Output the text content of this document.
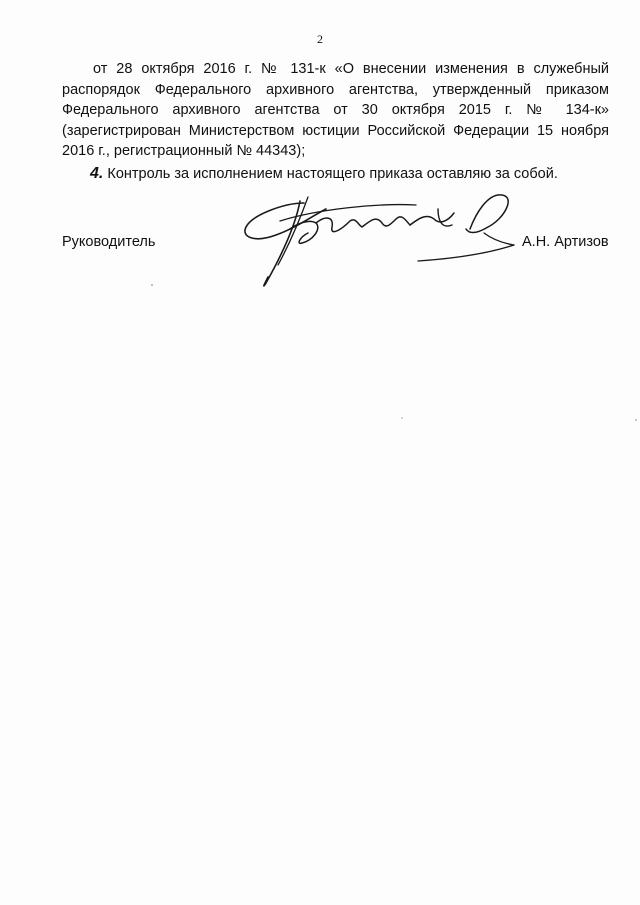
2

от 28 октября 2016 г. № 131-к «О внесении изменения в служебный распорядок Федерального архивного агентства, утвержденный приказом Федерального архивного агентства от 30 октября 2015 г. № 134-к» (зарегистрирован Министерством юстиции Российской Федерации 15 ноября 2016 г., регистрационный № 44343);

4. Контроль за исполнением настоящего приказа оставляю за собой.

Руководитель	А.Н. Артизов
